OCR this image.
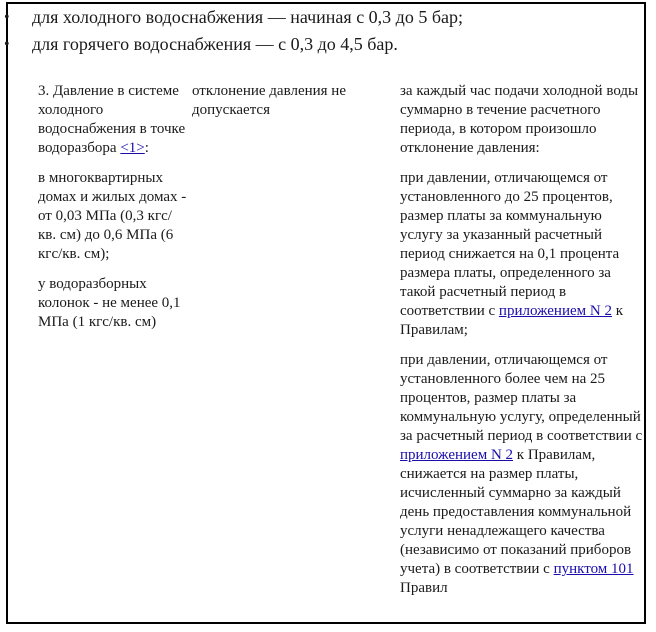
• для холодного водоснабжения — начиная с 0,3 до 5 бар;
• для горячего водоснабжения — с 0,3 до 4,5 бар.

3. Давление в системе холодного водоснабжения в точке водоразбора <1>:

в многоквартирных домах и жилых домах - от 0,03 МПа (0,3 кгс/кв. см) до 0,6 МПа (6 кгс/кв. см);

у водоразборных колонок - не менее 0,1 МПа (1 кгс/кв. см)

отклонение давления не допускается

за каждый час подачи холодной воды суммарно в течение расчетного периода, в котором произошло отклонение давления:

при давлении, отличающемся от установленного до 25 процентов, размер платы за коммунальную услугу за указанный расчетный период снижается на 0,1 процента размера платы, определенного за такой расчетный период в соответствии с приложением N 2 к Правилам;

при давлении, отличающемся от установленного более чем на 25 процентов, размер платы за коммунальную услугу, определенный за расчетный период в соответствии с приложением N 2 к Правилам, снижается на размер платы, исчисленный суммарно за каждый день предоставления коммунальной услуги ненадлежащего качества (независимо от показаний приборов учета) в соответствии с пунктом 101 Правил
